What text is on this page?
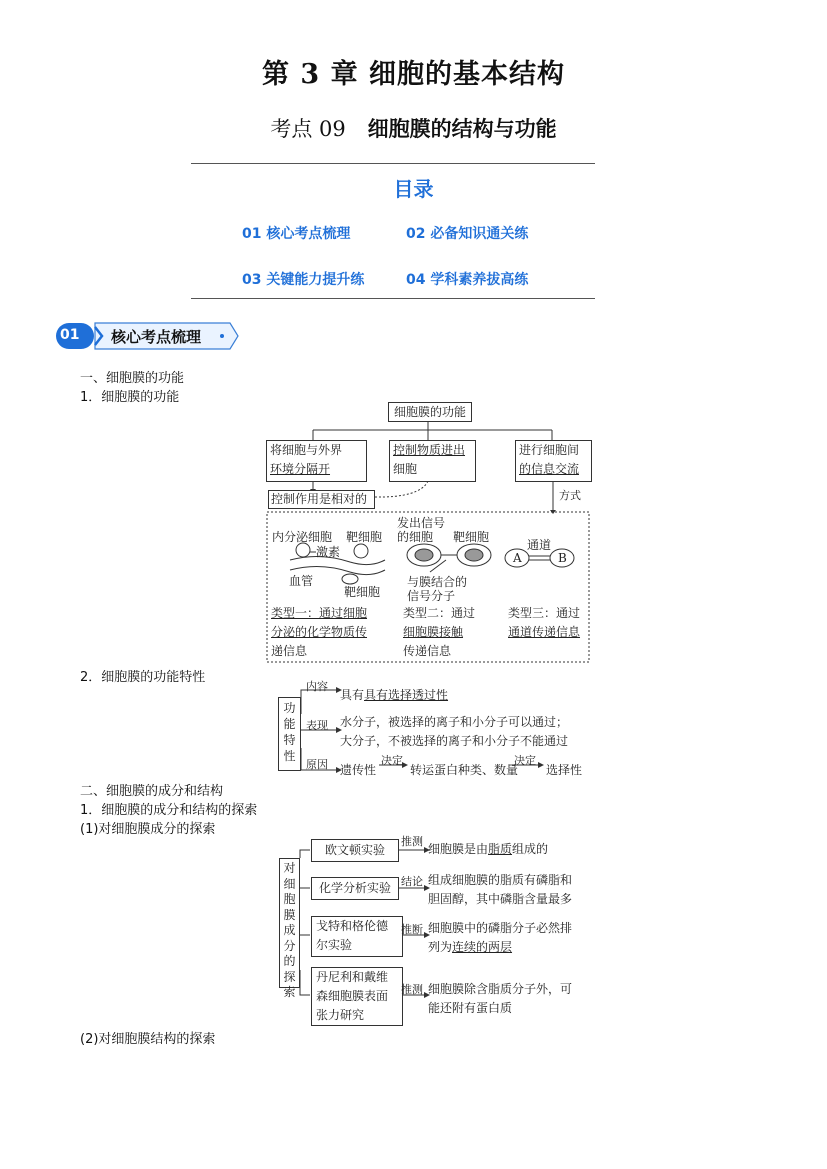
第 3 章 细胞的基本结构
考点 09 细胞膜的结构与功能
目录
01 核心考点梳理	02 必备知识通关练
03 关键能力提升练	04 学科素养拔高练
01 核心考点梳理
一、细胞膜的功能
1．细胞膜的功能
细胞膜的功能
将细胞与外界
环境分隔开
控制物质进出
细胞
进行细胞间
的信息交流
控制作用是相对的	方式
内分泌细胞 靶细胞
激素
血管
靶细胞
类型一：通过细胞
分泌的化学物质传
递信息
发出信号
的细胞 靶细胞
与膜结合的
信号分子
类型二：通过
细胞膜接触
传递信息
通道
A	B
类型三：通过
通道传递信息
2．细胞膜的功能特性
功能特性
内容
具有具有选择透过性
表现 水分子，被选择的离子和小分子可以通过；
大分子，不被选择的离子和小分子不能通过
原因 遗传性
决定
转运蛋白种类、数量
决定
选择性
二、细胞膜的成分和结构
1．细胞膜的成分和结构的探索
(1)对细胞膜成分的探索
对细胞膜成分的探索
欧文顿实验
推测
细胞膜是由脂质组成的
化学分析实验 结论 组成细胞膜的脂质有磷脂和
胆固醇，其中磷脂含量最多
戈特和格伦德
尔实验
推断 细胞膜中的磷脂分子必然排
列为连续的两层
丹尼利和戴维
森细胞膜表面
张力研究
推测 细胞膜除含脂质分子外，可
能还附有蛋白质
(2)对细胞膜结构的探索
